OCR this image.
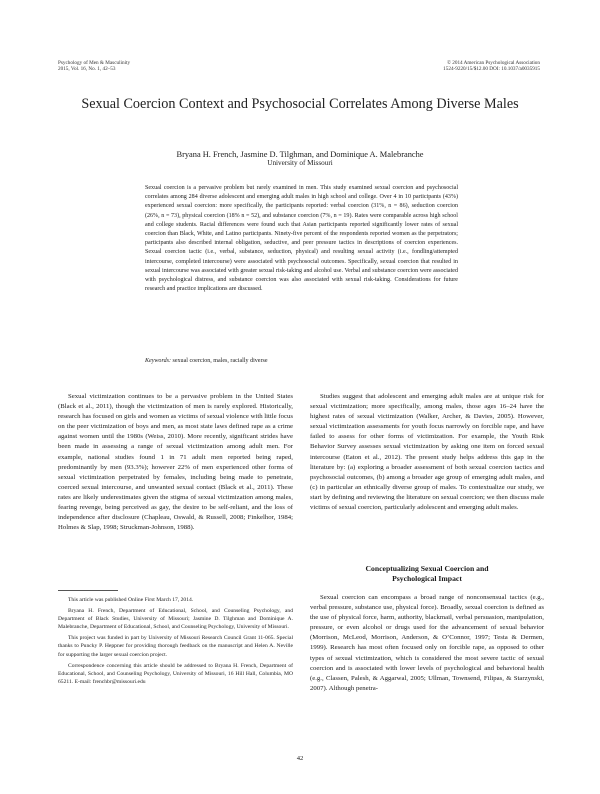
Psychology of Men & Masculinity
2015, Vol. 16, No. 1, 42–53
© 2014 American Psychological Association
1524-9220/15/$12.00 DOI: 10.1037/a0035915
Sexual Coercion Context and Psychosocial Correlates Among Diverse Males
Bryana H. French, Jasmine D. Tilghman, and Dominique A. Malebranche
University of Missouri
Sexual coercion is a pervasive problem but rarely examined in men. This study examined sexual coercion and psychosocial correlates among 284 diverse adolescent and emerging adult males in high school and college. Over 4 in 10 participants (43%) experienced sexual coercion: more specifically, the participants reported: verbal coercion (31%, n = 86), seduction coercion (26%, n = 73), physical coercion (18% n = 52), and substance coercion (7%, n = 19). Rates were comparable across high school and college students. Racial differences were found such that Asian participants reported significantly lower rates of sexual coercion than Black, White, and Latino participants. Ninety-five percent of the respondents reported women as the perpetrators; participants also described internal obligation, seductive, and peer pressure tactics in descriptions of coercion experiences. Sexual coercion tactic (i.e., verbal, substance, seduction, physical) and resulting sexual activity (i.e., fondling/attempted intercourse, completed intercourse) were associated with psychosocial outcomes. Specifically, sexual coercion that resulted in sexual intercourse was associated with greater sexual risk-taking and alcohol use. Verbal and substance coercion were associated with psychological distress, and substance coercion was also associated with sexual risk-taking. Considerations for future research and practice implications are discussed.
Keywords: sexual coercion, males, racially diverse

Sexual victimization continues to be a pervasive problem in the United States (Black et al., 2011), though the victimization of men is rarely explored. Historically, research has focused on girls and women as victims of sexual violence with little focus on the peer victimization of boys and men, as most state laws defined rape as a crime against women until the 1980s (Weiss, 2010). More recently, significant strides have been made in assessing a range of sexual victimization among adult men. For example, national studies found 1 in 71 adult men reported being raped, predominantly by men (93.3%); however 22% of men experienced other forms of sexual victimization perpetrated by females, including being made to penetrate, coerced sexual intercourse, and unwanted sexual contact (Black et al., 2011). These rates are likely underestimates given the stigma of sexual victimization among males, fearing revenge, being perceived as gay, the desire to be self-reliant, and the loss of independence after disclosure (Chapleau, Oswald, & Russell, 2008; Finkelhor, 1984; Holmes & Slap, 1998; Struckman-Johnson, 1988).

Studies suggest that adolescent and emerging adult males are at unique risk for sexual victimization; more specifically, among males, those ages 16–24 have the highest rates of sexual victimization (Walker, Archer, & Davies, 2005). However, sexual victimization assessments for youth focus narrowly on forcible rape, and have failed to assess for other forms of victimization. For example, the Youth Risk Behavior Survey assesses sexual victimization by asking one item on forced sexual intercourse (Eaton et al., 2012). The present study helps address this gap in the literature by: (a) exploring a broader assessment of both sexual coercion tactics and psychosocial outcomes, (b) among a broader age group of emerging adult males, and (c) in particular an ethnically diverse group of males. To contextualize our study, we start by defining and reviewing the literature on sexual coercion; we then discuss male victims of sexual coercion, particularly adolescent and emerging adult males.

Conceptualizing Sexual Coercion and
Psychological Impact

Sexual coercion can encompass a broad range of nonconsensual tactics (e.g., verbal pressure, substance use, physical force). Broadly, sexual coercion is defined as the use of physical force, harm, authority, blackmail, verbal persuasion, manipulation, pressure, or even alcohol or drugs used for the advancement of sexual behavior (Morrison, McLeod, Morrison, Anderson, & O’Connor, 1997; Testa & Dermen, 1999). Research has most often focused only on forcible rape, as opposed to other types of sexual victimization, which is considered the most severe tactic of sexual coercion and is associated with lower levels of psychological and behavioral health (e.g., Classen, Palesh, & Aggarwal, 2005; Ullman, Townsend, Filipas, & Starzynski, 2007). Although penetra-

This article was published Online First March 17, 2014.

Bryana H. French, Department of Educational, School, and Counseling Psychology, and Department of Black Studies, University of Missouri; Jasmine D. Tilghman and Dominique A. Malebranche, Department of Educational, School, and Counseling Psychology, University of Missouri.

This project was funded in part by University of Missouri Research Council Grant 11-065. Special thanks to Puncky P. Heppner for providing thorough feedback on the manuscript and Helen A. Neville for supporting the larger sexual coercion project.

Correspondence concerning this article should be addressed to Bryana H. French, Department of Educational, School, and Counseling Psychology, University of Missouri, 16 Hill Hall, Columbia, MO 65211. E-mail: frenchbr@missouri.edu

42
